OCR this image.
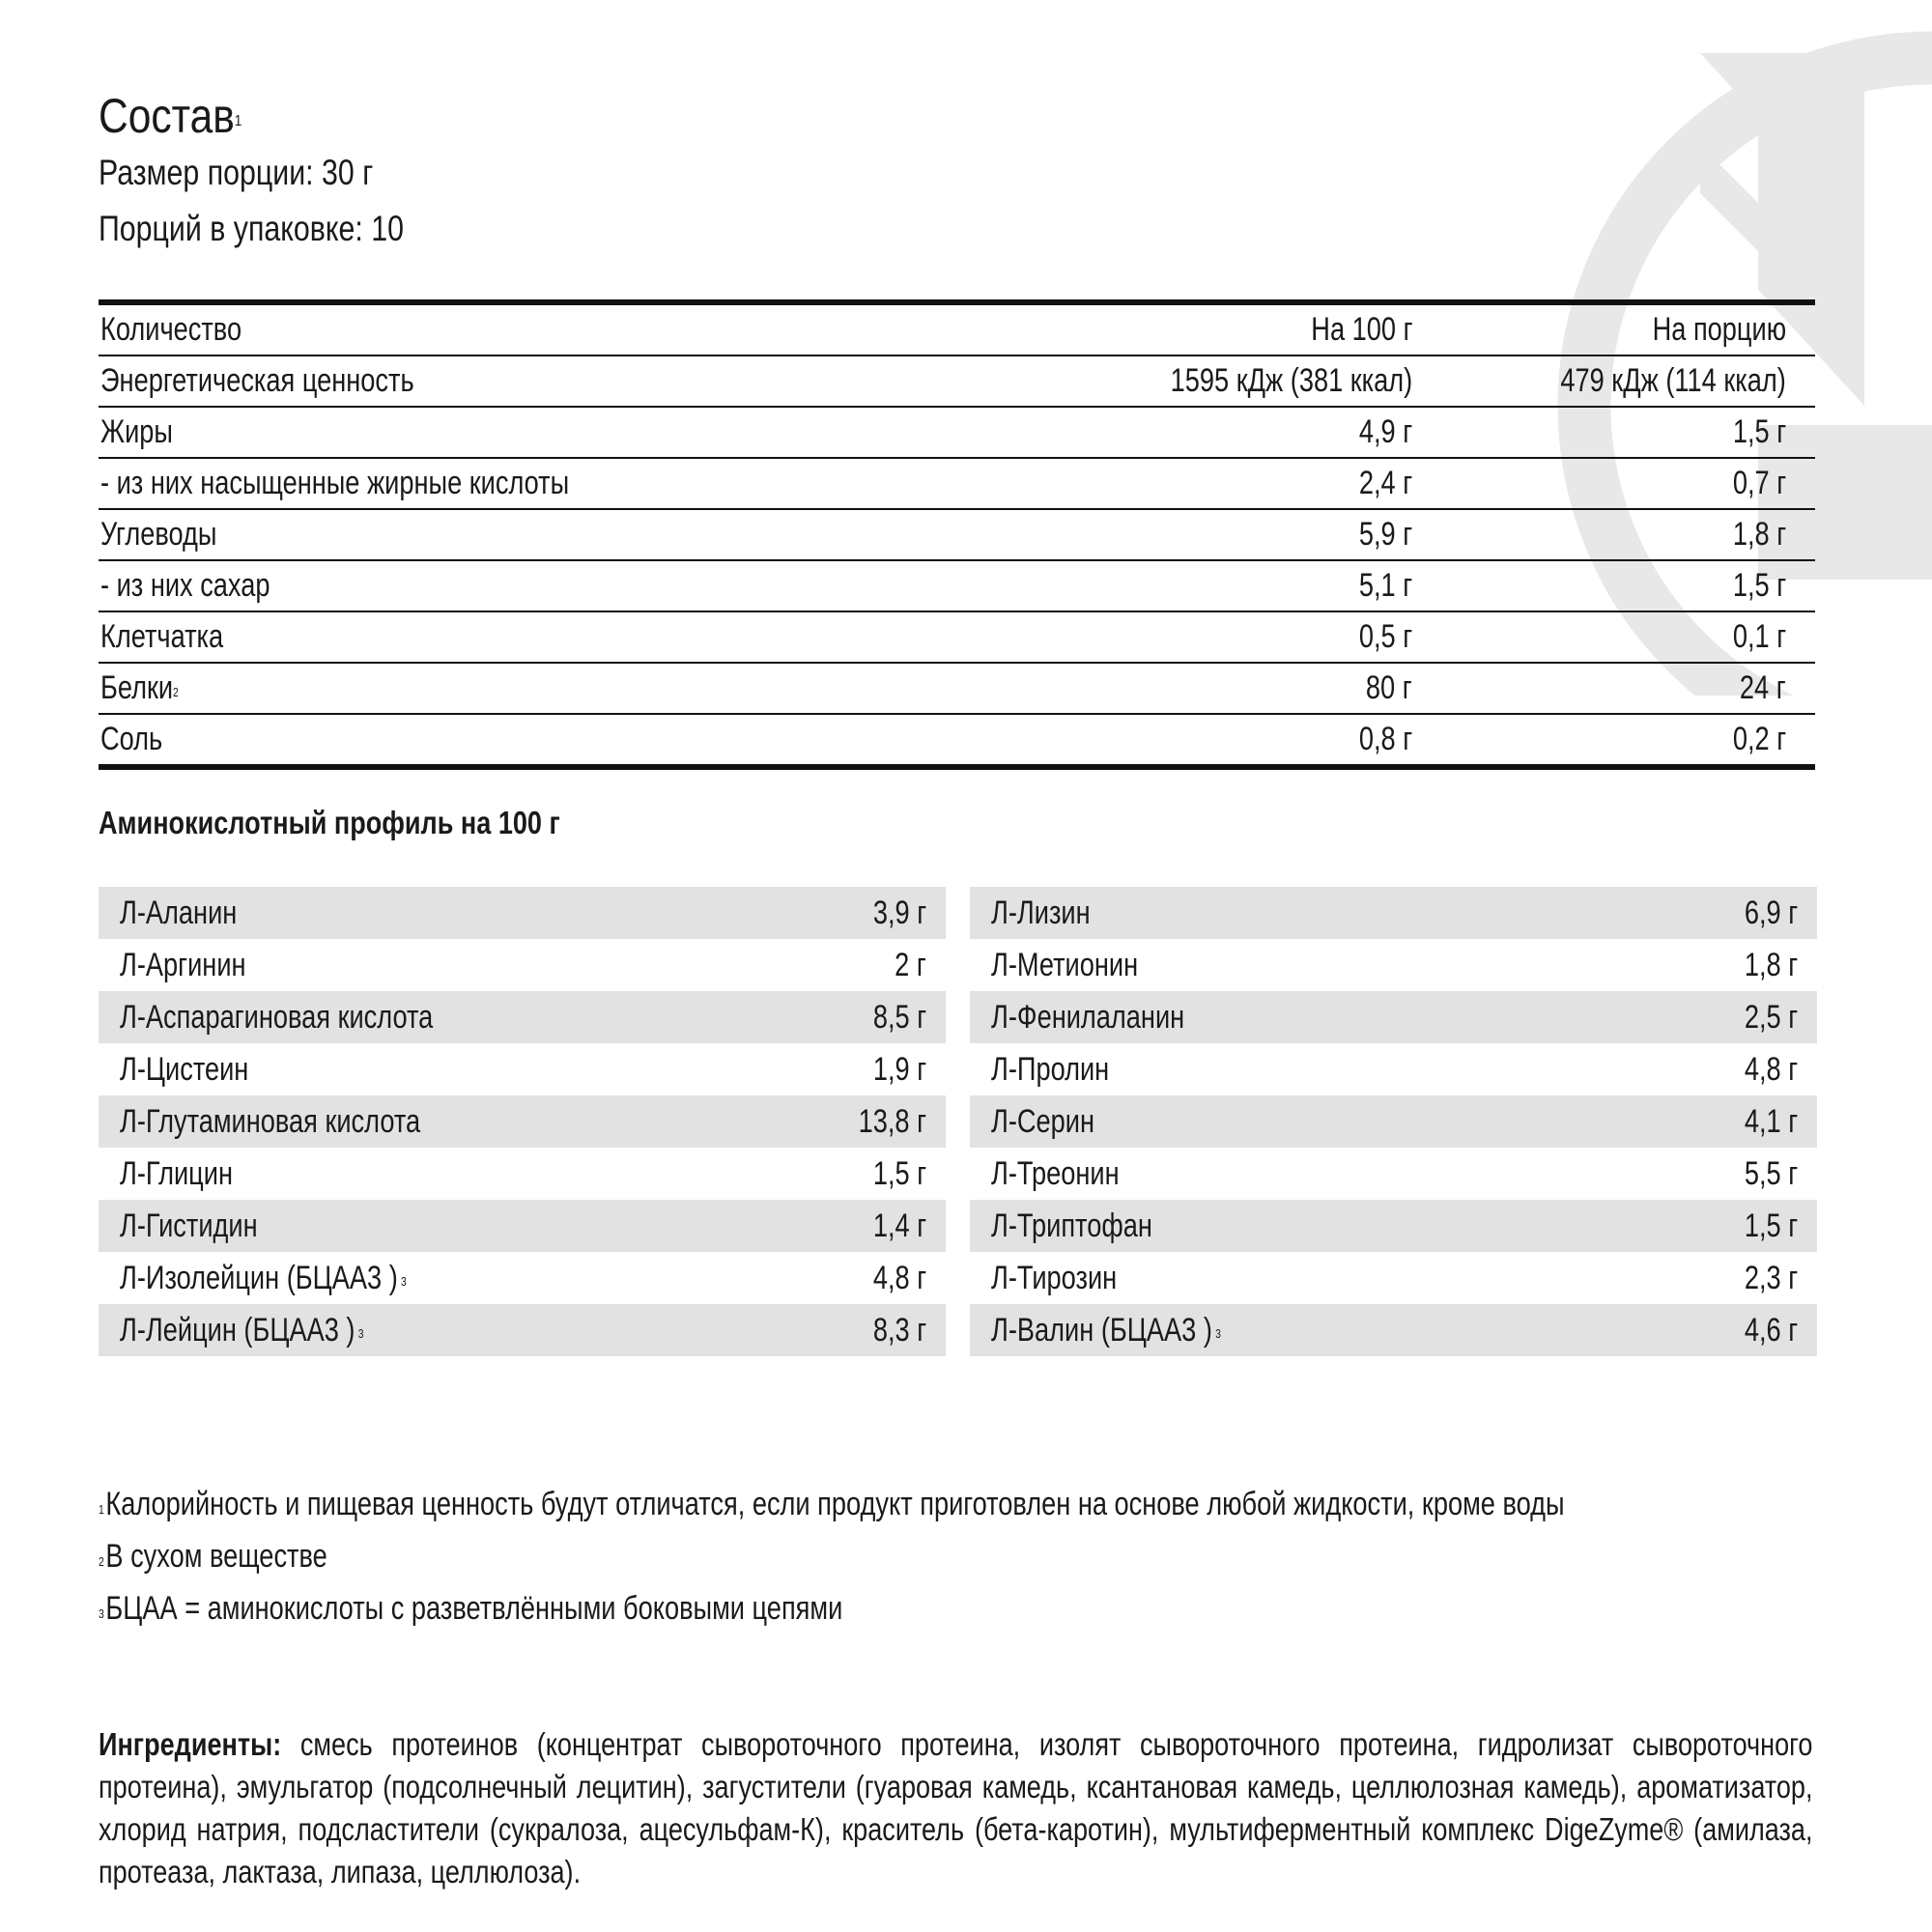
Состав$^1$
Размер порции: 30 г
Порций в упаковке: 10
Количество	На 100 г	На порцию
Энергетическая ценность	1595 кДж (381 ккал)	479 кДж (114 ккал)
Жиры	4,9 г	1,5 г
- из них насыщенные жирные кислоты	2,4 г	0,7 г
Углеводы	5,9 г	1,8 г
- из них сахар	5,1 г	1,5 г
Клетчатка	0,5 г	0,1 г
Белки$^2$	80 г	24 г
Соль	0,8 г	0,2 г
Аминокислотный профиль на 100 г
Л-Аланин	3,9 г
Л-Аргинин	2 г
Л-Аспарагиновая кислота	8,5 г
Л-Цистеин	1,9 г
Л-Глутаминовая кислота	13,8 г
Л-Глицин	1,5 г
Л-Гистидин	1,4 г
Л-Изолейцин (БЦАА3 ) $^3$	4,8 г
Л-Лейцин (БЦАА3 ) $^3$	8,3 г
Л-Лизин	6,9 г
Л-Метионин	1,8 г
Л-Фенилаланин	2,5 г
Л-Пролин	4,8 г
Л-Серин	4,1 г
Л-Треонин	5,5 г
Л-Триптофан	1,5 г
Л-Тирозин	2,3 г
Л-Валин (БЦАА3 ) $^3$	4,6 г
$^1$Калорийность и пищевая ценность будут отличатся, если продукт приготовлен на основе любой жидкости, кроме воды
$^2$В сухом веществе
$^3$БЦАА = аминокислоты с разветвлёнными боковыми цепями
Ингредиенты: смесь протеинов (концентрат сывороточного протеина, изолят сывороточного протеина, гидролизат сывороточного протеина), эмульгатор (подсолнечный лецитин), загустители (гуаровая камедь, ксантановая камедь, целлюлозная камедь), ароматизатор, хлорид натрия, подсластители (сукралоза, ацесульфам-К), краситель (бета-каротин), мультиферментный комплекс DigeZyme® (амилаза, протеаза, лактаза, липаза, целлюлоза).
